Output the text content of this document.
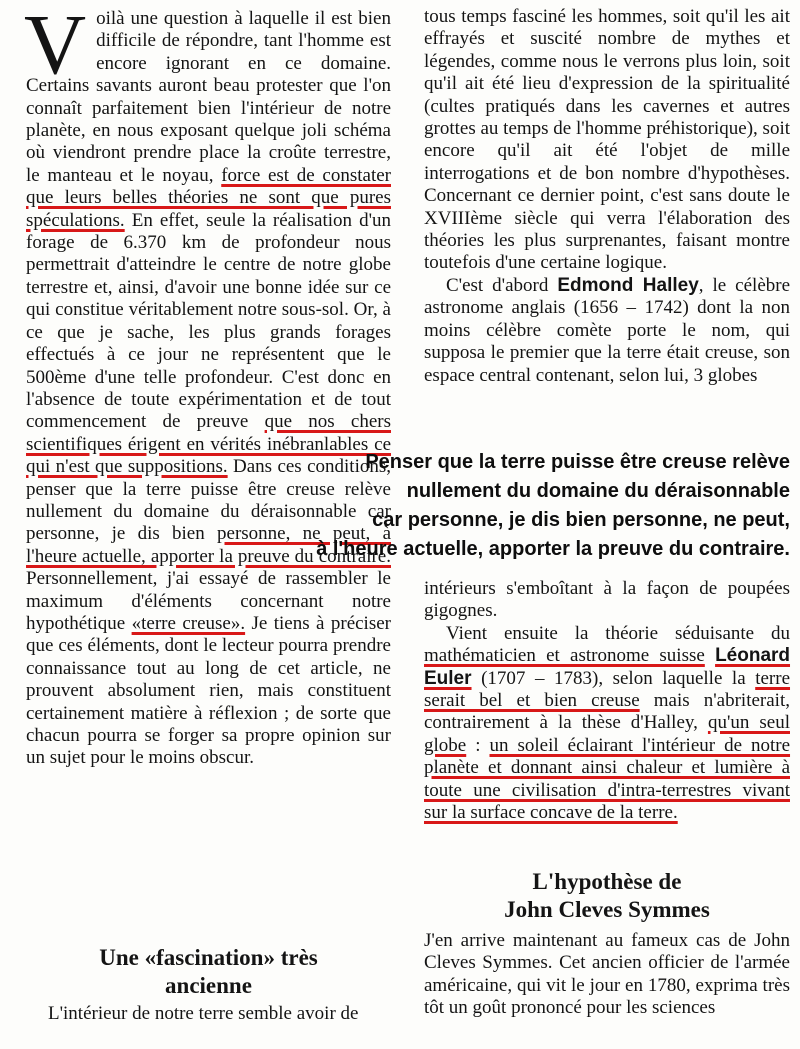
Voilà une question à laquelle il est bien difficile de répondre, tant l'homme est encore ignorant en ce domaine. Certains savants auront beau protester que l'on connaît parfaitement bien l'intérieur de notre planète, en nous exposant quelque joli schéma où viendront prendre place la croûte terrestre, le manteau et le noyau, force est de constater que leurs belles théories ne sont que pures spéculations. En effet, seule la réalisation d'un forage de 6.370 km de profondeur nous permettrait d'atteindre le centre de notre globe terrestre et, ainsi, d'avoir une bonne idée sur ce qui constitue véritablement notre sous-sol. Or, à ce que je sache, les plus grands forages effectués à ce jour ne représentent que le 500ème d'une telle profondeur. C'est donc en l'absence de toute expérimentation et de tout commencement de preuve que nos chers scientifiques érigent en vérités inébranlables ce qui n'est que suppositions. Dans ces conditions, penser que la terre puisse être creuse relève nullement du domaine du déraisonnable car personne, je dis bien personne, ne peut, à l'heure actuelle, apporter la preuve du contraire. Personnellement, j'ai essayé de rassembler le maximum d'éléments concernant notre hypothétique «terre creuse». Je tiens à préciser que ces éléments, dont le lecteur pourra prendre connaissance tout au long de cet article, ne prouvent absolument rien, mais constituent certainement matière à réflexion ; de sorte que chacun pourra se forger sa propre opinion sur un sujet pour le moins obscur.
Une «fascination» très
ancienne
L'intérieur de notre terre semble avoir de

tous temps fasciné les hommes, soit qu'il les ait effrayés et suscité nombre de mythes et légendes, comme nous le verrons plus loin, soit qu'il ait été lieu d'expression de la spiritualité (cultes pratiqués dans les cavernes et autres grottes au temps de l'homme préhistorique), soit encore qu'il ait été l'objet de mille interrogations et de bon nombre d'hypothèses. Concernant ce dernier point, c'est sans doute le XVIIIème siècle qui verra l'élaboration des théories les plus surprenantes, faisant montre toutefois d'une certaine logique.

C'est d'abord Edmond Halley, le célèbre astronome anglais (1656 – 1742) dont la non moins célèbre comète porte le nom, qui supposa le premier que la terre était creuse, son espace central contenant, selon lui, 3 globes

Penser que la terre puisse être creuse relève
nullement du domaine du déraisonnable
car personne, je dis bien personne, ne peut,
à l'heure actuelle, apporter la preuve du contraire.

intérieurs s'emboîtant à la façon de poupées gigognes.

Vient ensuite la théorie séduisante du mathématicien et astronome suisse Léonard Euler (1707 – 1783), selon laquelle la terre serait bel et bien creuse mais n'abriterait, contrairement à la thèse d'Halley, qu'un seul globe : un soleil éclairant l'intérieur de notre planète et donnant ainsi chaleur et lumière à toute une civilisation d'intra-terrestres vivant sur la surface concave de la terre.

L'hypothèse de
John Cleves Symmes
J'en arrive maintenant au fameux cas de John Cleves Symmes. Cet ancien officier de l'armée américaine, qui vit le jour en 1780, exprima très tôt un goût prononcé pour les sciences
